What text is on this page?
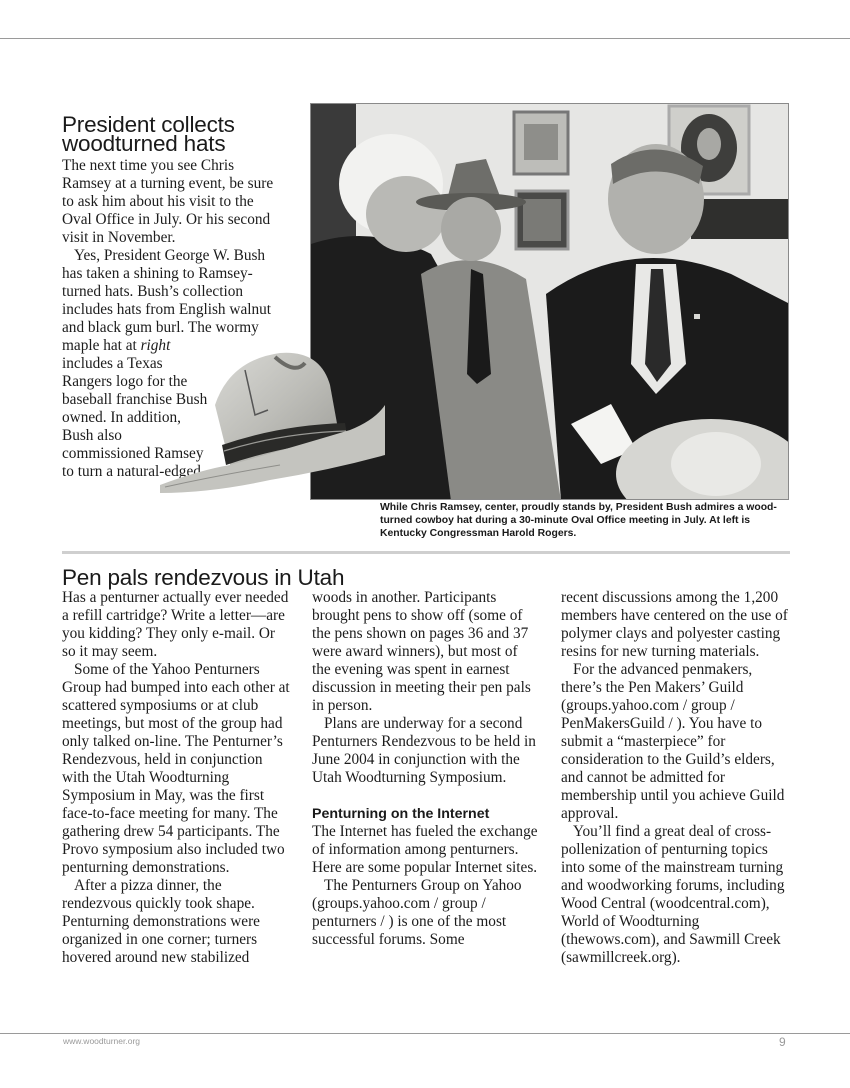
President collects woodturned hats

The next time you see Chris Ramsey at a turning event, be sure to ask him about his visit to the Oval Office in July. Or his second visit in November.

Yes, President George W. Bush has taken a shining to Ramsey-turned hats. Bush’s collection includes hats from English walnut and black gum burl. The wormy

maple hat at right includes a Texas Rangers logo for the baseball franchise Bush owned. In addition, Bush also commissioned Ramsey to turn a natural-edged
While Chris Ramsey, center, proudly stands by, President Bush admires a wood-turned cowboy hat during a 30-minute Oval Office meeting in July. At left is Kentucky Congressman Harold Rogers.
Pen pals rendezvous in Utah

Has a penturner actually ever needed a refill cartridge? Write a letter—are you kidding? They only e-mail. Or so it may seem.

Some of the Yahoo Penturners Group had bumped into each other at scattered symposiums or at club meetings, but most of the group had only talked on-line. The Penturner’s Rendezvous, held in conjunction with the Utah Woodturning Symposium in May, was the first face-to-face meeting for many. The gathering drew 54 participants. The Provo symposium also included two penturning demonstrations.

After a pizza dinner, the rendezvous quickly took shape. Penturning demonstrations were organized in one corner; turners hovered around new stabilized

woods in another. Participants brought pens to show off (some of the pens shown on pages 36 and 37 were award winners), but most of the evening was spent in earnest discussion in meeting their pen pals in person.

Plans are underway for a second Penturners Rendezvous to be held in June 2004 in conjunction with the Utah Woodturning Symposium.

Penturning on the Internet

The Internet has fueled the exchange of information among penturners. Here are some popular Internet sites.

The Penturners Group on Yahoo (groups.yahoo.com / group / penturners / ) is one of the most successful forums. Some

recent discussions among the 1,200 members have centered on the use of polymer clays and polyester casting resins for new turning materials.

For the advanced penmakers, there’s the Pen Makers’ Guild (groups.yahoo.com / group / PenMakersGuild / ). You have to submit a “masterpiece” for consideration to the Guild’s elders, and cannot be admitted for membership until you achieve Guild approval.

You’ll find a great deal of cross-pollenization of penturning topics into some of the mainstream turning and woodworking forums, including Wood Central (woodcentral.com), World of Woodturning (thewows.com), and Sawmill Creek (sawmillcreek.org).

www.woodturner.org	9
